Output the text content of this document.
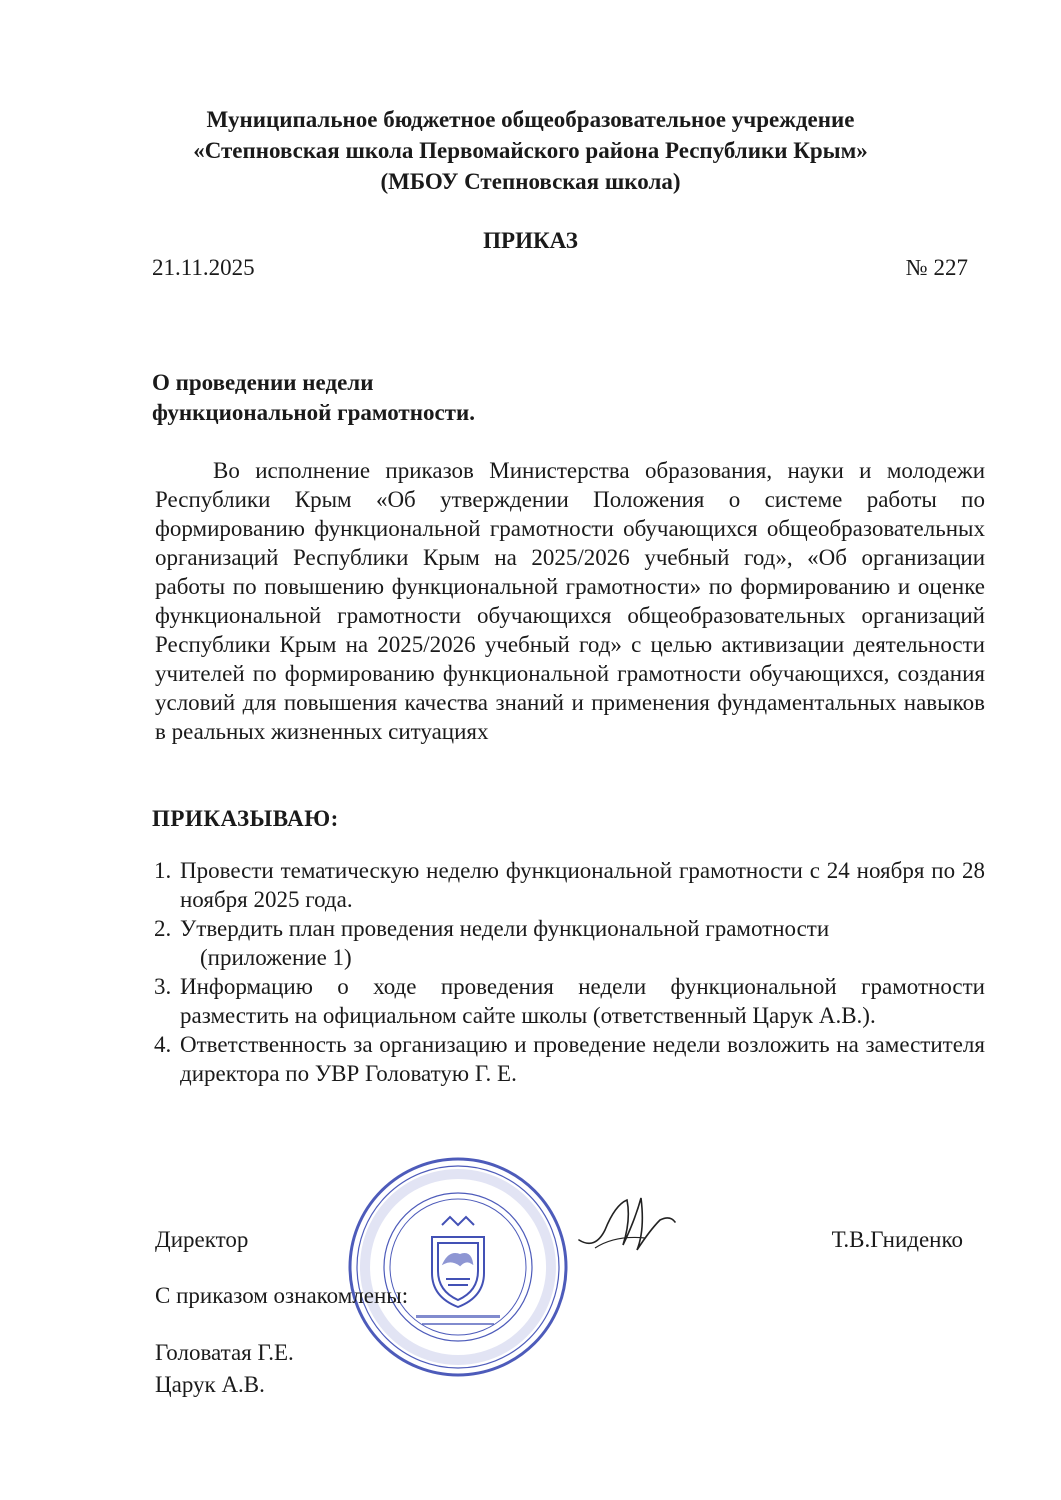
Муниципальное бюджетное общеобразовательное учреждение
«Степновская школа Первомайского района Республики Крым»
(МБОУ Степновская школа)
ПРИКАЗ
21.11.2025	№ 227
О проведении недели
функциональной грамотности.
Во исполнение приказов Министерства образования, науки и молодежи Республики Крым «Об утверждении Положения о системе работы по формированию функциональной грамотности обучающихся общеобразовательных организаций Республики Крым на 2025/2026 учебный год», «Об организации работы по повышению функциональной грамотности» по формированию и оценке функциональной грамотности обучающихся общеобразовательных организаций Республики Крым на 2025/2026 учебный год» с целью активизации деятельности учителей по формированию функциональной грамотности обучающихся, создания условий для повышения качества знаний и применения фундаментальных навыков в реальных жизненных ситуациях
ПРИКАЗЫВАЮ:
1. Провести тематическую неделю функциональной грамотности с 24 ноября по 28 ноября 2025 года.
2. Утвердить план проведения недели функциональной грамотности
(приложение 1)
3. Информацию о ходе проведения недели функциональной грамотности разместить на официальном сайте школы (ответственный Царук А.В.).
4. Ответственность за организацию и проведение недели возложить на заместителя директора по УВР Головатую Г. Е.
Директор	Т.В.Гниденко
С приказом ознакомлены:
Головатая Г.Е.
Царук А.В.
